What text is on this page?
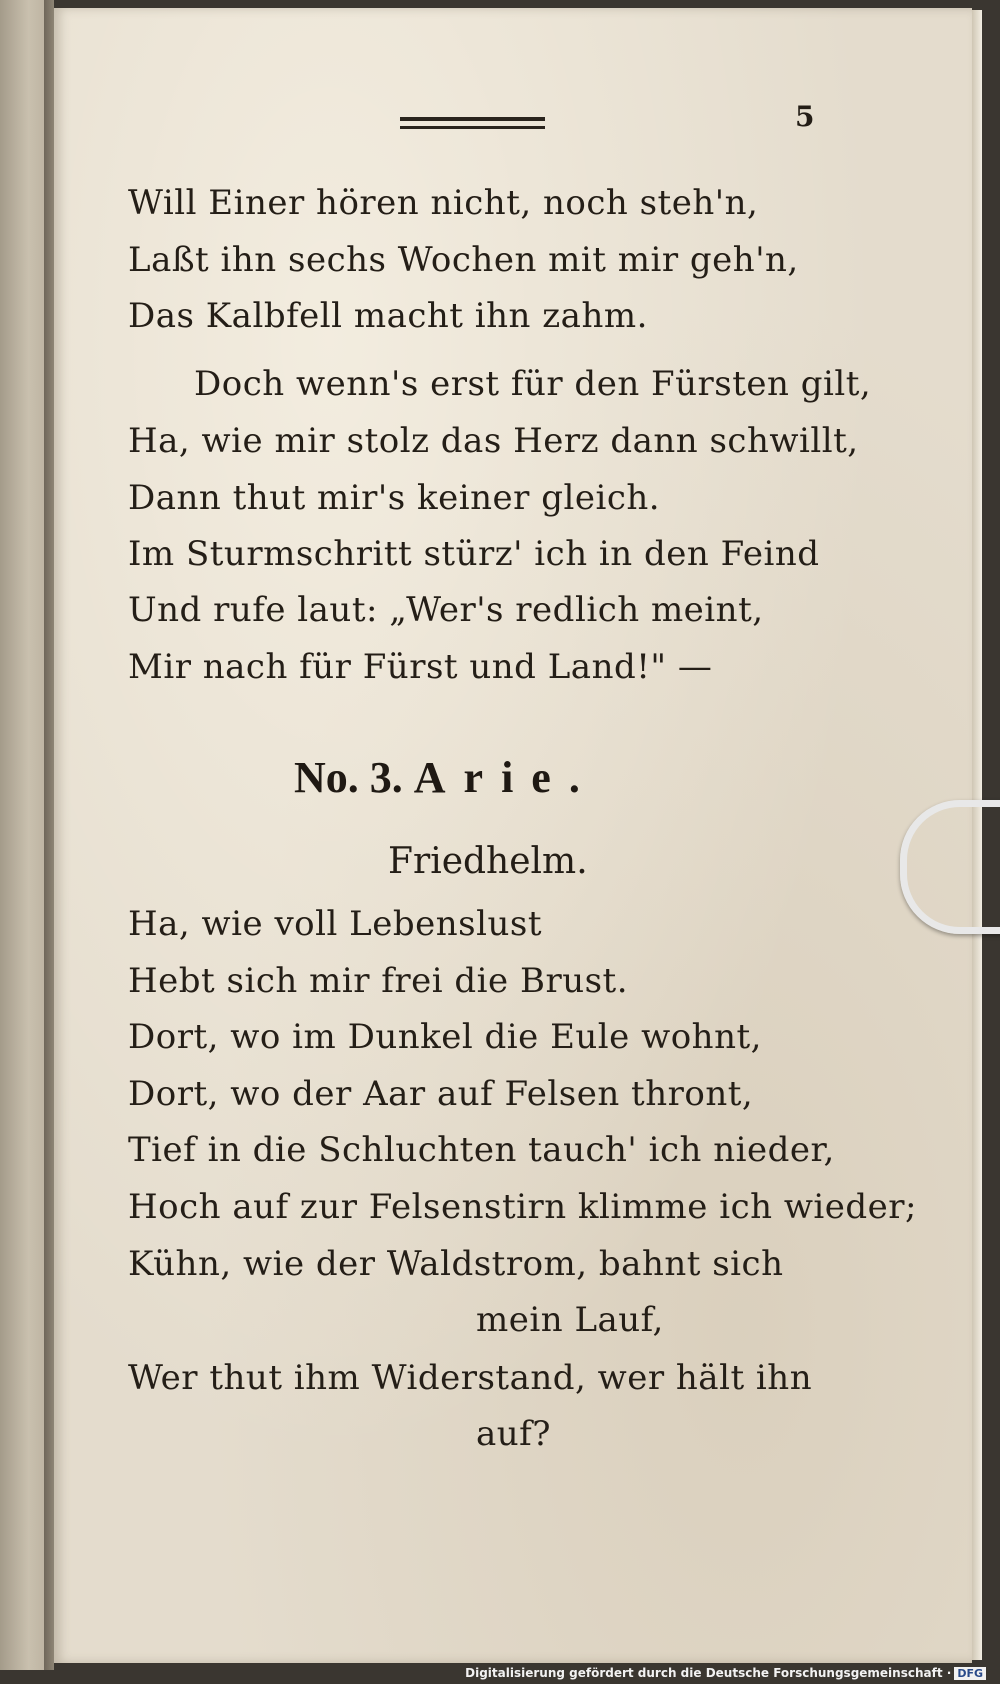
5
Will Einer hören nicht, noch steh'n,
Laßt ihn sechs Wochen mit mir geh'n,
Das Kalbfell macht ihn zahm.
Doch wenn's erst für den Fürsten gilt,
Ha, wie mir stolz das Herz dann schwillt,
Dann thut mir's keiner gleich.
Im Sturmschritt stürz' ich in den Feind
Und rufe laut: „Wer's redlich meint,
Mir nach für Fürst und Land!" —
No. 3. Arie.
Friedhelm.
Ha, wie voll Lebenslust
Hebt sich mir frei die Brust.
Dort, wo im Dunkel die Eule wohnt,
Dort, wo der Aar auf Felsen thront,
Tief in die Schluchten tauch' ich nieder,
Hoch auf zur Felsenstirn klimme ich wieder;
Kühn, wie der Waldstrom, bahnt sich
mein Lauf,
Wer thut ihm Widerstand, wer hält ihn
auf?
Digitalisierung gefördert durch die Deutsche Forschungsgemeinschaft · DFG
